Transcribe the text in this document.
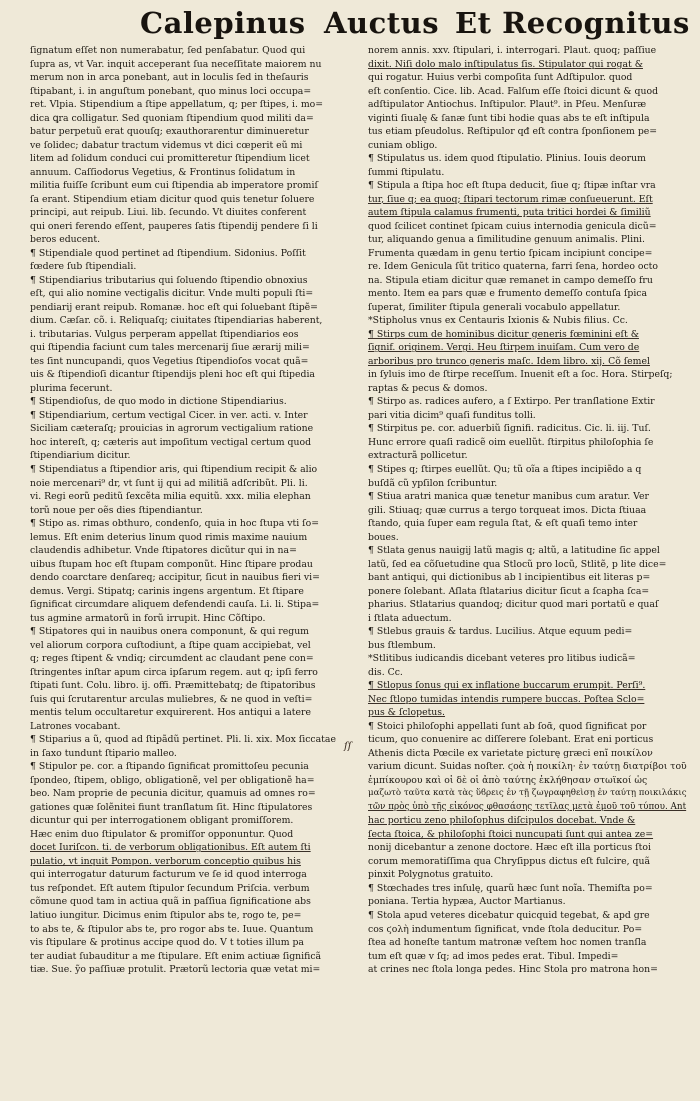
Calepinus Auctus Et Recognitus
ſignatum eſſet non numerabatur, ſed penſabatur. Quod qui
ſupra as, vt Var. inquit acceperant ſua neceſſitate maiorem nu
merum non in arca ponebant, aut in loculis ſed in theſauris
ſtipabant, i. in anguſtum ponebant, quo minus loci occupa=
ret. Vlpia. Stipendium a ſtipe appellatum, q; per ſtipes, i. mo=
dica ꝗra colligatur. Sed quoniam ſtipendium quod militi da=
batur perpetuũ erat quouſq; exauthorarentur diminueretur
ve ſolidec; dabatur tractum videmus vt dici cœperit eũ mi
litem ad ſolidum conduci cui promitteretur ſtipendium licet
annuum. Caſſiodorus Vegetius, & Frontinus ſolidatum in
militia fuiſſe ſcribunt eum cui ſtipendia ab imperatore promiſ
ſa erant. Stipendium etiam dicitur quod quis tenetur ſoluere
principi, aut reipub. Liui. lib. ſecundo. Vt diuites conferent
qui oneri ferendo eſſent, pauperes ſatis ſtipendij pendere ſi li
beros educent.
¶ Stipendiale quod pertinet ad ſtipendium. Sidonius. Poſſit
fœdere ſub ſtipendiali.
¶ Stipendiarius tributarius qui ſoluendo ſtipendio obnoxius
eſt, qui alio nomine vectigalis dicitur. Vnde multi populi ſti=
pendiarij erant reipub. Romanæ. hoc eſt qui ſoluebant ſtipẽ=
dium. Cæſar. cõ. i. Reliquaſq; ciuitates ſtipendiarias haberent,
i. tributarias. Vulgus perperam appellat ſtipendiarios eos
qui ſtipendia faciunt cum tales mercenarij ſiue ærarij mili=
tes ſint nuncupandi, quos Vegetius ſtipendioſos vocat quã=
uis & ſtipendioſi dicantur ſtipendijs pleni hoc eſt qui ſtipedia
plurima fecerunt.
¶ Stipendioſus, de quo modo in dictione Stipendiarius.
¶ Stipendiarium, certum vectigal Cicer. in ver. acti. v. Inter
Siciliam cæteraſq; prouicias in agrorum vectigalium ratione
hoc intereſt, q; cæteris aut impoſitum vectigal certum quod
ſtipendiarium dicitur.
¶ Stipendiatus a ſtipendior aris, qui ſtipendium recipit & alio
noie mercenari⁹ dr, vt ſunt ij qui ad militiã adſcribũt. Pli. li.
vi. Regi eorũ peditũ ſexcẽta milia equitũ. xxx. milia elephan
torũ noue per oẽs dies ſtipendiantur.
¶ Stipo as. rimas obthuro, condenſo, quia in hoc ſtupa vti ſo=
lemus. Eſt enim deterius linum quod rimis maxime nauium
claudendis adhibetur. Vnde ſtipatores dicũtur qui in na=
uibus ſtupam hoc eſt ſtupam componũt. Hinc ſtipare prodau
dendo coarctare denſareq; accipitur, ſicut in nauibus fieri vi=
demus. Vergi. Stipatq; carinis ingens argentum. Et ſtipare
ſignificat circumdare aliquem defendendi cauſa. Li. li. Stipa=
tus agmine armatorũ in forũ irrupit. Hinc Cõſtipo.
¶ Stipatores qui in nauibus onera componunt, & qui regum
vel aliorum corpora cuſtodiunt, a ſtipe quam accipiebat, vel
q; reges ſtipent & vndiq; circumdent ac claudant pene con=
ſtringentes inſtar apum circa ipſarum regem. aut q; ipſi ferro
ſtipati ſunt. Colu. libro. ij. offi. Præmittebatq; de ſtipatoribus
ſuis qui ſcrutarentur arculas muliebres, & ne quod in veſti=
mentis telum occultaretur exquirerent. Hos antiqui a latere
Latrones vocabant.
¶ Stiparius a ũ, quod ad ſtipãdũ pertinet. Pli. li. xix. Mox ſiccatae
in ſaxo tundunt ſtipario malleo.
¶ Stipulor pe. cor. a ſtipando ſignificat promittoſeu pecunia
ſpondeo, ſtipem, obligo, obligationẽ, vel per obligationẽ ha=
beo. Nam proprie de pecunia dicitur, quamuis ad omnes ro=
gationes quæ ſolẽnitei fiunt tranſlatum ſit. Hinc ſtipulatores
dicuntur qui per interrogationem obligant promiſſorem.
Hæc enim duo ſtipulator & promiſſor opponuntur. Quod
docet Iuriſcon. ti. de verborum obligationibus. Eſt autem ſti
pulatio, vt inquit Pompon. verborum conceptio quibus his
qui interrogatur daturum facturum ve ſe id quod interroga
tus reſpondet. Eſt autem ſtipulor ſecundum Priſcia. verbum
cõmune quod tam in actiua quã in paſſiua ſignificatione abs
latiuo iungitur. Dicimus enim ſtipulor abs te, rogo te, pe=
to abs te, & ſtipulor abs te, pro rogor abs te. Iuue. Quantum
vis ſtipulare & protinus accipe quod do. V t toties illum pa
ter audiat ſubauditur a me ſtipulare. Eſt enim actiuæ ſignificã
tiæ. Sue. ỹo paſſiuæ protulit. Prætorũ lectoria quæ vetat mi=
norem annis. xxv. ſtipulari, i. interrogari. Plaut. quoq; paſſiue
dixit. Niſi dolo malo inſtipulatus ſis. Stipulator qui rogat &
qui rogatur. Huius verbi compoſita ſunt Adſtipulor. quod
eſt conſentio. Cice. lib. Acad. Falſum eſſe ſtoici dicunt & quod
adſtipulator Antiochus. Inſtipulor. Plaut⁹. in Pſeu. Menſuræ
viginti ſiualę & ſanæ ſunt tibi hodie quas abs te eſt inſtipula
tus etiam pſeudolus. Reſtipulor qđ eſt contra ſponſionem pe=
cuniam obligo.
¶ Stipulatus us. idem quod ſtipulatio. Plinius. Iouis deorum
ſummi ſtipulatu.
¶ Stipula a ſtipa hoc eſt ſtupa deducit, ſiue q; ſtipæ inſtar vra
tur, ſiue q; ea quoq; ſtipari tectorum rimæ conſueuerunt. Eſt
autem ſtipula calamus frumenti, puta tritici hordei & ſimiliũ
quod ſcilicet continet ſpicam cuius internodia genicula dicũ=
tur, aliquando genua a ſimilitudine genuum animalis. Plini.
Frumenta quædam in genu tertio ſpicam incipiunt concipe=
re. Idem Genicula ſũt tritico quaterna, farri ſena, hordeo octo
na. Stipula etiam dicitur quæ remanet in campo demeſſo fru
mento. Item ea pars quæ e frumento demeſſo contuſa ſpica
ſuperat, ſimiliter ſtipula generali vocabulo appellatur.
*Stipholus vnus ex Centauris Ixionis & Nubis filius. Cc.
¶ Stirps cum de hominibus dicitur generis fœminini eſt &
ſignif. originem. Vergi. Heu ſtirpem inuiſam. Cum vero de
arboribus pro trunco generis maſc. Idem libro. xij. Cõ ſemel
in ſyluis imo de ſtirpe receſſum. Inuenit eſt a ſoc. Hora. Stirpeſq;
raptas & pecus & domos.
¶ Stirpo as. radices aufero, a ſ Extirpo. Per tranſlatione Extir
pari vitia dicim⁹ quaſi funditus tolli.
¶ Stirpitus pe. cor. aduerbiũ ſignifi. radicitus. Cic. li. iij. Tuſ.
Hunc errore quaſi radicẽ oim euellũt. ſtirpitus philoſophia ſe
extracturã pollicetur.
¶ Stipes q; ſtirpes euellũt. Qu; tũ oĩa a ſtipes incipiẽdo a q
buſdã cũ ypſilon ſcribuntur.
¶ Stiua aratri manica quæ tenetur manibus cum aratur. Ver
gili. Stiuaq; quæ currus a tergo torqueat imos. Dicta ſtiuaa
ſtando, quia ſuper eam regula ſtat, & eſt quaſi temo inter
boues.
¶ Stlata genus nauigij latũ magis q; altũ, a latitudine ſic appel
latũ, ſed ea cõſuetudine qua Stlocũ pro locũ, Stlitẽ, p lite dice=
bant antiqui, qui dictionibus ab l incipientibus eit literas p=
ponere ſolebant. Aſlata ſtlatarius dicitur ſicut a ſcapha ſca=
pharius. Stlatarius quandoq; dicitur quod mari portatũ e quaſ
i ſtlata aduectum.
¶ Stlebus grauis & tardus. Lucilius. Atque equum pedi=
bus ſtlembum.
*Stlitibus iudicandis dicebant veteres pro litibus iudicã=
dis. Cc.
¶ Stlopus ſonus qui ex inflatione buccarum erumpit. Perſi⁹.
Nec ſtlopo tumidas intendis rumpere buccas. Poſtea Sclo=
pus & ſclopetus.
¶ Stoici philoſophi appellati ſunt ab ſoᾶ, quod ſignificat por
ticum, quo conuenire ac diſſerere ſolebant. Erat eni porticus
Athenis dicta Pœcile ex varietate picturę græci enĩ ποικίλον
varium dicunt. Suidas noſter. ϛοὰ ἡ ποικίλη· ἐν ταύτῃ διατρίβοι τοῦ
ἐμπίκουρου καὶ οἱ δὲ οἱ ἀπὸ ταύτης ἐκλήθησαν στωϊκοί ὡς
μαζωτὸ ταῦτα κατὰ τὰς ὕϐρεις ἐν τῇ ζωγραφηθεὶσῃ ἐν ταύτῃ ποικιλάκις
τῶν πρὸς ὑπὸ τῆς εἰκόνος φθασάσης τετῖλας μετὰ ἐμοῦ τοῦ τύπου. Ant
hac porticu zeno philoſophus diſcipulos docebat. Vnde &
ſecta ſtoica, & philoſophi ſtoici nuncupati ſunt qui antea ze=
nonij dicebantur a zenone doctore. Hæc eſt illa porticus ſtoi
corum memoratiſſima qua Chryſippus dictus eſt fulcire, quã
pinxit Polygnotus gratuito.
¶ Stœchades tres inſulę, quarũ hæc ſunt noĩa. Themiſta po=
poniana. Tertia hypæa, Auctor Martianus.
¶ Stola apud veteres dicebatur quicquid tegebat, & apd gre
cos ϛολὴ indumentum ſignificat, vnde ſtola deducitur. Po=
ſtea ad honeſte tantum matronæ veſtem hoc nomen tranſla
tum eſt quæ v ſq; ad imos pedes erat. Tibul. Impedi=
at crines nec ſtola longa pedes. Hinc Stola pro matrona hon=
ſſ
